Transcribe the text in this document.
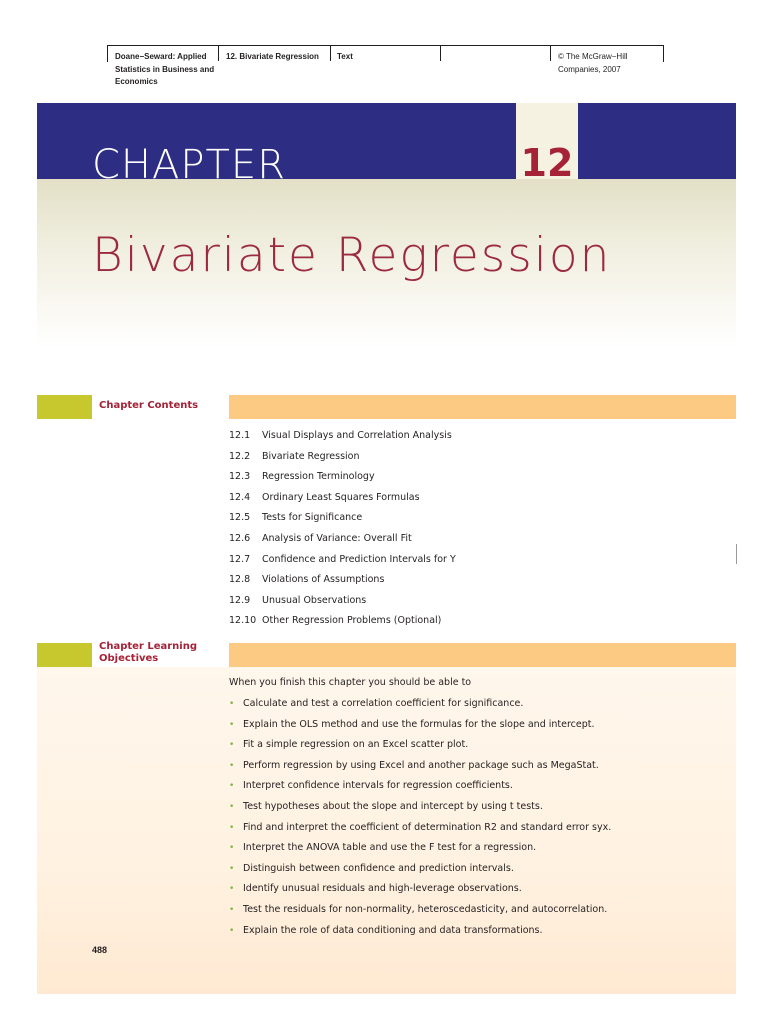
Doane−Seward: Applied
Statistics in Business and
Economics
12. Bivariate Regression Text	© The McGraw−Hill
Companies, 2007
CHAPTER	12
Bivariate Regression
Chapter Contents
12.1	Visual Displays and Correlation Analysis
12.2	Bivariate Regression
12.3	Regression Terminology
12.4	Ordinary Least Squares Formulas
12.5	Tests for Significance
12.6	Analysis of Variance: Overall Fit
12.7	Confidence and Prediction Intervals for Y
12.8	Violations of Assumptions
12.9	Unusual Observations
12.10 Other Regression Problems (Optional)
Chapter Learning Objectives
When you finish this chapter you should be able to
• Calculate and test a correlation coefficient for significance.
• Explain the OLS method and use the formulas for the slope and intercept.
• Fit a simple regression on an Excel scatter plot.
• Perform regression by using Excel and another package such as MegaStat.
• Interpret confidence intervals for regression coefficients.
• Test hypotheses about the slope and intercept by using t tests.
• Find and interpret the coefficient of determination R2 and standard error syx.
• Interpret the ANOVA table and use the F test for a regression.
• Distinguish between confidence and prediction intervals.
• Identify unusual residuals and high-leverage observations.
• Test the residuals for non-normality, heteroscedasticity, and autocorrelation.
• Explain the role of data conditioning and data transformations.
488
